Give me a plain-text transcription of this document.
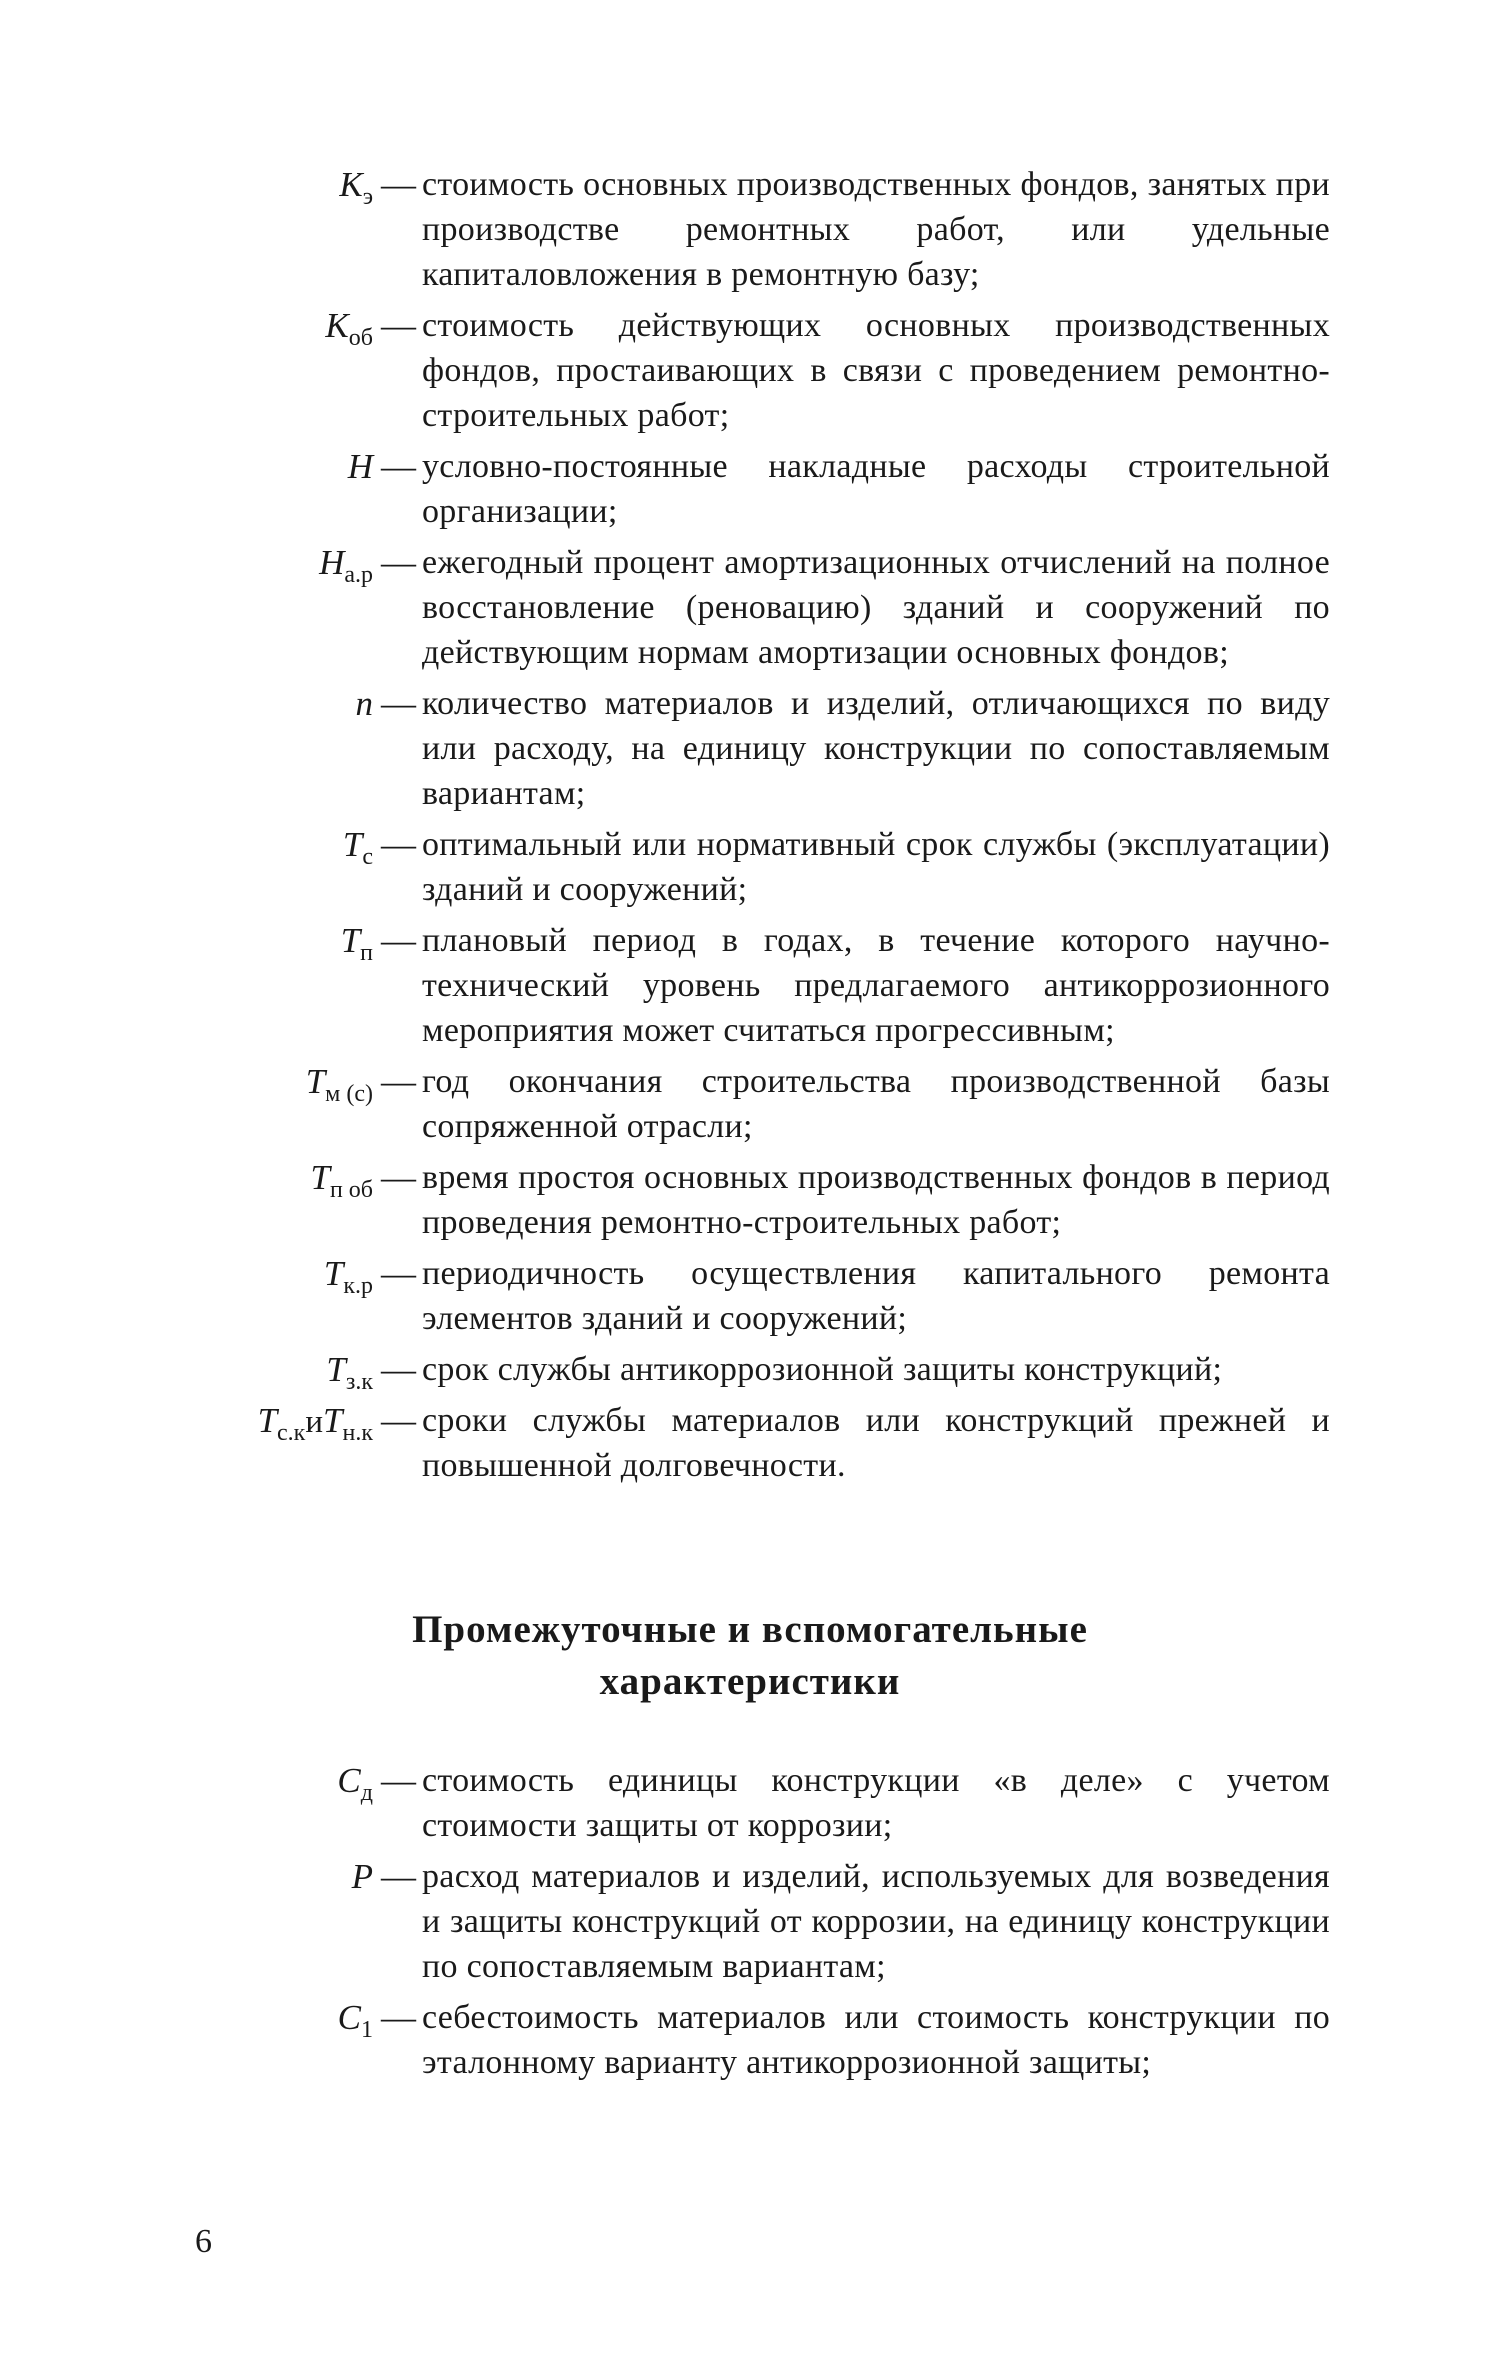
$K_э$ — стоимость основных производственных фондов, занятых при производстве ремонтных работ, или удельные капиталовложения в ремонтную базу;
$K_{об}$ — стоимость действующих основных производственных фондов, простаивающих в связи с проведением ремонтно-строительных работ;
H — условно-постоянные накладные расходы строительной организации;
$H_{а.р}$ — ежегодный процент амортизационных отчислений на полное восстановление (реновацию) зданий и сооружений по действующим нормам амортизации основных фондов;
n — количество материалов и изделий, отличающихся по виду или расходу, на единицу конструкции по сопоставляемым вариантам;
$T_с$ — оптимальный или нормативный срок службы (эксплуатации) зданий и сооружений;
$T_п$ — плановый период в годах, в течение которого научно-технический уровень предлагаемого антикоррозионного мероприятия может считаться прогрессивным;
$T_{м (с)}$ — год окончания строительства производственной базы сопряженной отрасли;
$T_{п об}$ — время простоя основных производственных фондов в период проведения ремонтно-строительных работ;
$T_{к.р}$ — периодичность осуществления капитального ремонта элементов зданий и сооружений;
$T_{з.к}$ — срок службы антикоррозионной защиты конструкций;
$T_{с.к}иT_{н.к}$ — сроки службы материалов или конструкций прежней и повышенной долговечности.
Промежуточные и вспомогательные
характеристики
$C_д$ — стоимость единицы конструкции «в деле» с учетом стоимости защиты от коррозии;
P — расход материалов и изделий, используемых для возведения и защиты конструкций от коррозии, на единицу конструкции по сопоставляемым вариантам;
$C_1$ — себестоимость материалов или стоимость конструкции по эталонному варианту антикоррозионной защиты;
6
